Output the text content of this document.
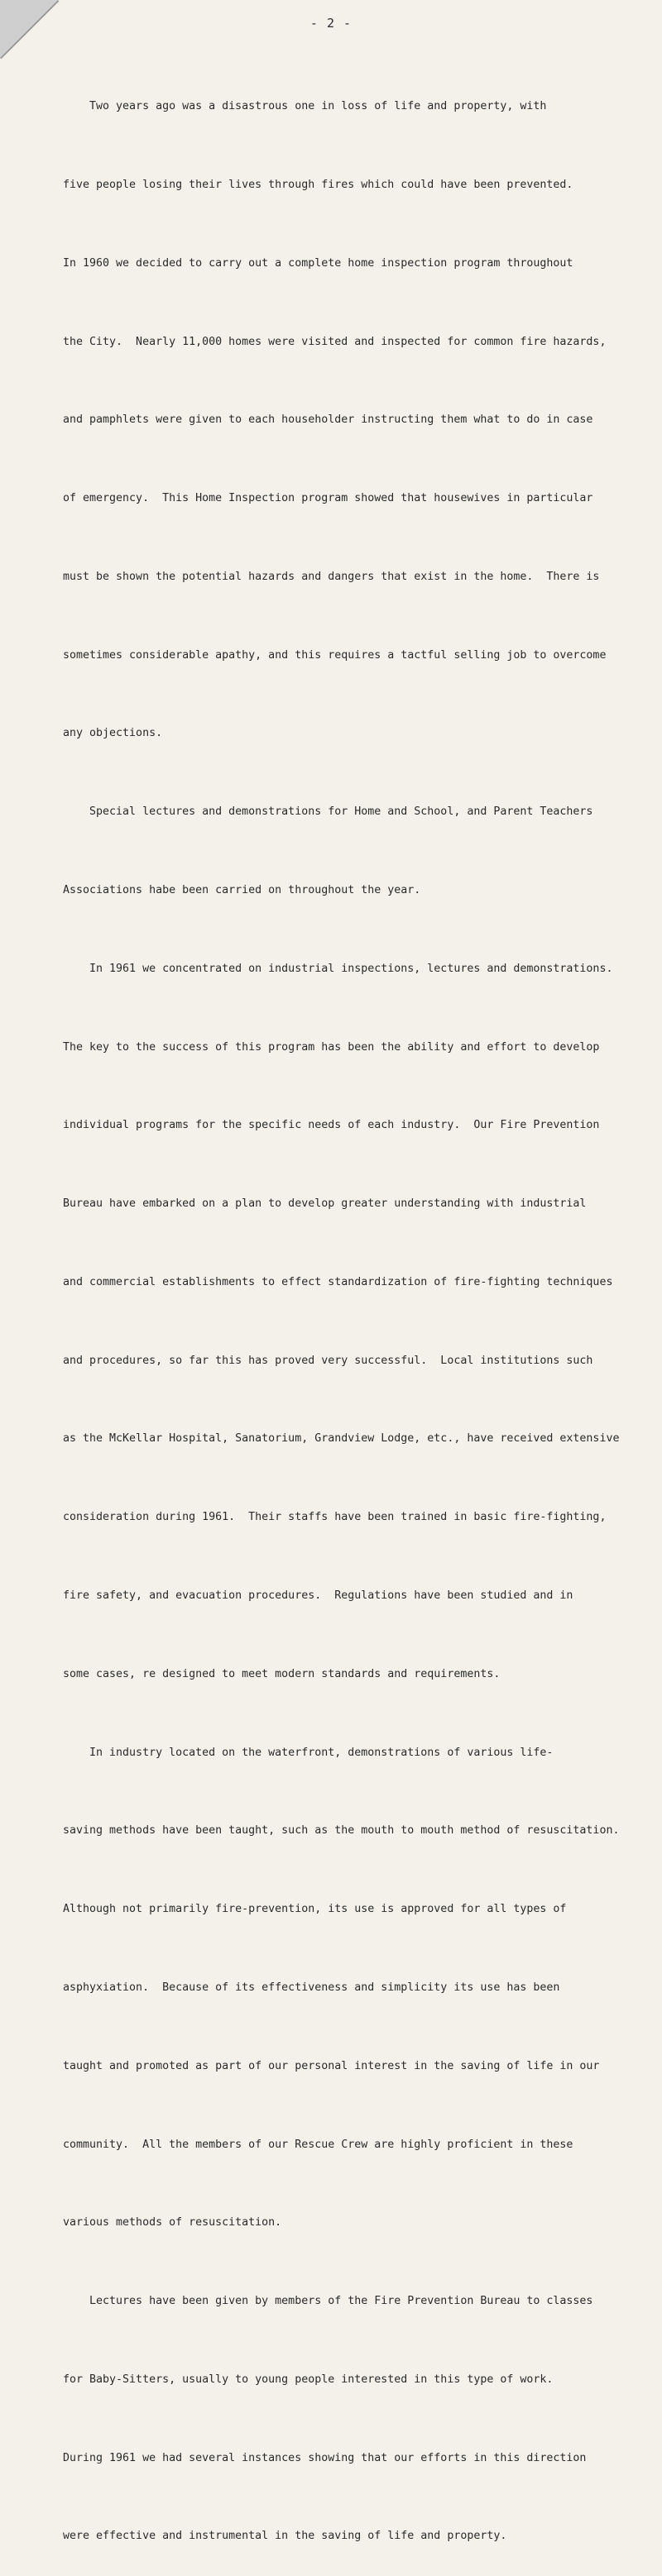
- 2 -

Two years ago was a disastrous one in loss of life and property, with

five people losing their lives through fires which could have been prevented.

In 1960 we decided to carry out a complete home inspection program throughout

the City.  Nearly 11,000 homes were visited and inspected for common fire hazards,

and pamphlets were given to each householder instructing them what to do in case

of emergency.  This Home Inspection program showed that housewives in particular

must be shown the potential hazards and dangers that exist in the home.  There is

sometimes considerable apathy, and this requires a tactful selling job to overcome

any objections.

Special lectures and demonstrations for Home and School, and Parent Teachers

Associations habe been carried on throughout the year.

In 1961 we concentrated on industrial inspections, lectures and demonstrations.

The key to the success of this program has been the ability and effort to develop

individual programs for the specific needs of each industry.  Our Fire Prevention

Bureau have embarked on a plan to develop greater understanding with industrial

and commercial establishments to effect standardization of fire-fighting techniques

and procedures, so far this has proved very successful.  Local institutions such

as the McKellar Hospital, Sanatorium, Grandview Lodge, etc., have received extensive

consideration during 1961.  Their staffs have been trained in basic fire-fighting,

fire safety, and evacuation procedures.  Regulations have been studied and in

some cases, re designed to meet modern standards and requirements.

In industry located on the waterfront, demonstrations of various life-

saving methods have been taught, such as the mouth to mouth method of resuscitation.

Although not primarily fire-prevention, its use is approved for all types of

asphyxiation.  Because of its effectiveness and simplicity its use has been

taught and promoted as part of our personal interest in the saving of life in our

community.  All the members of our Rescue Crew are highly proficient in these

various methods of resuscitation.

Lectures have been given by members of the Fire Prevention Bureau to classes

for Baby-Sitters, usually to young people interested in this type of work.

During 1961 we had several instances showing that our efforts in this direction

were effective and instrumental in the saving of life and property.
